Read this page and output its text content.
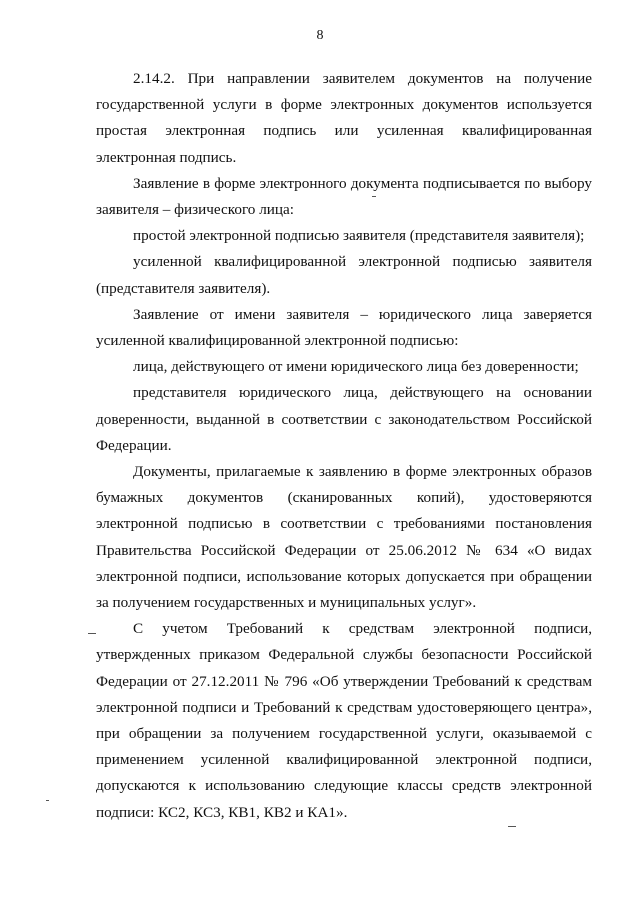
8

2.14.2. При направлении заявителем документов на получение государственной услуги в форме электронных документов используется простая электронная подпись или усиленная квалифицированная электронная подпись.

Заявление в форме электронного документа подписывается по выбору заявителя – физического лица:

простой электронной подписью заявителя (представителя заявителя);

усиленной квалифицированной электронной подписью заявителя (представителя заявителя).

Заявление от имени заявителя – юридического лица заверяется усиленной квалифицированной электронной подписью:

лица, действующего от имени юридического лица без доверенности;

представителя юридического лица, действующего на основании доверенности, выданной в соответствии с законодательством Российской Федерации.

Документы, прилагаемые к заявлению в форме электронных образов бумажных документов (сканированных копий), удостоверяются электронной подписью в соответствии с требованиями постановления Правительства Российской Федерации от 25.06.2012 № 634 «О видах электронной подписи, использование которых допускается при обращении за получением государственных и муниципальных услуг».

С учетом Требований к средствам электронной подписи, утвержденных приказом Федеральной службы безопасности Российской Федерации от 27.12.2011 № 796 «Об утверждении Требований к средствам электронной подписи и Требований к средствам удостоверяющего центра», при обращении за получением государственной услуги, оказываемой с применением усиленной квалифицированной электронной подписи, допускаются к использованию следующие классы средств электронной подписи: КС2, КС3, КВ1, КВ2 и КА1».
